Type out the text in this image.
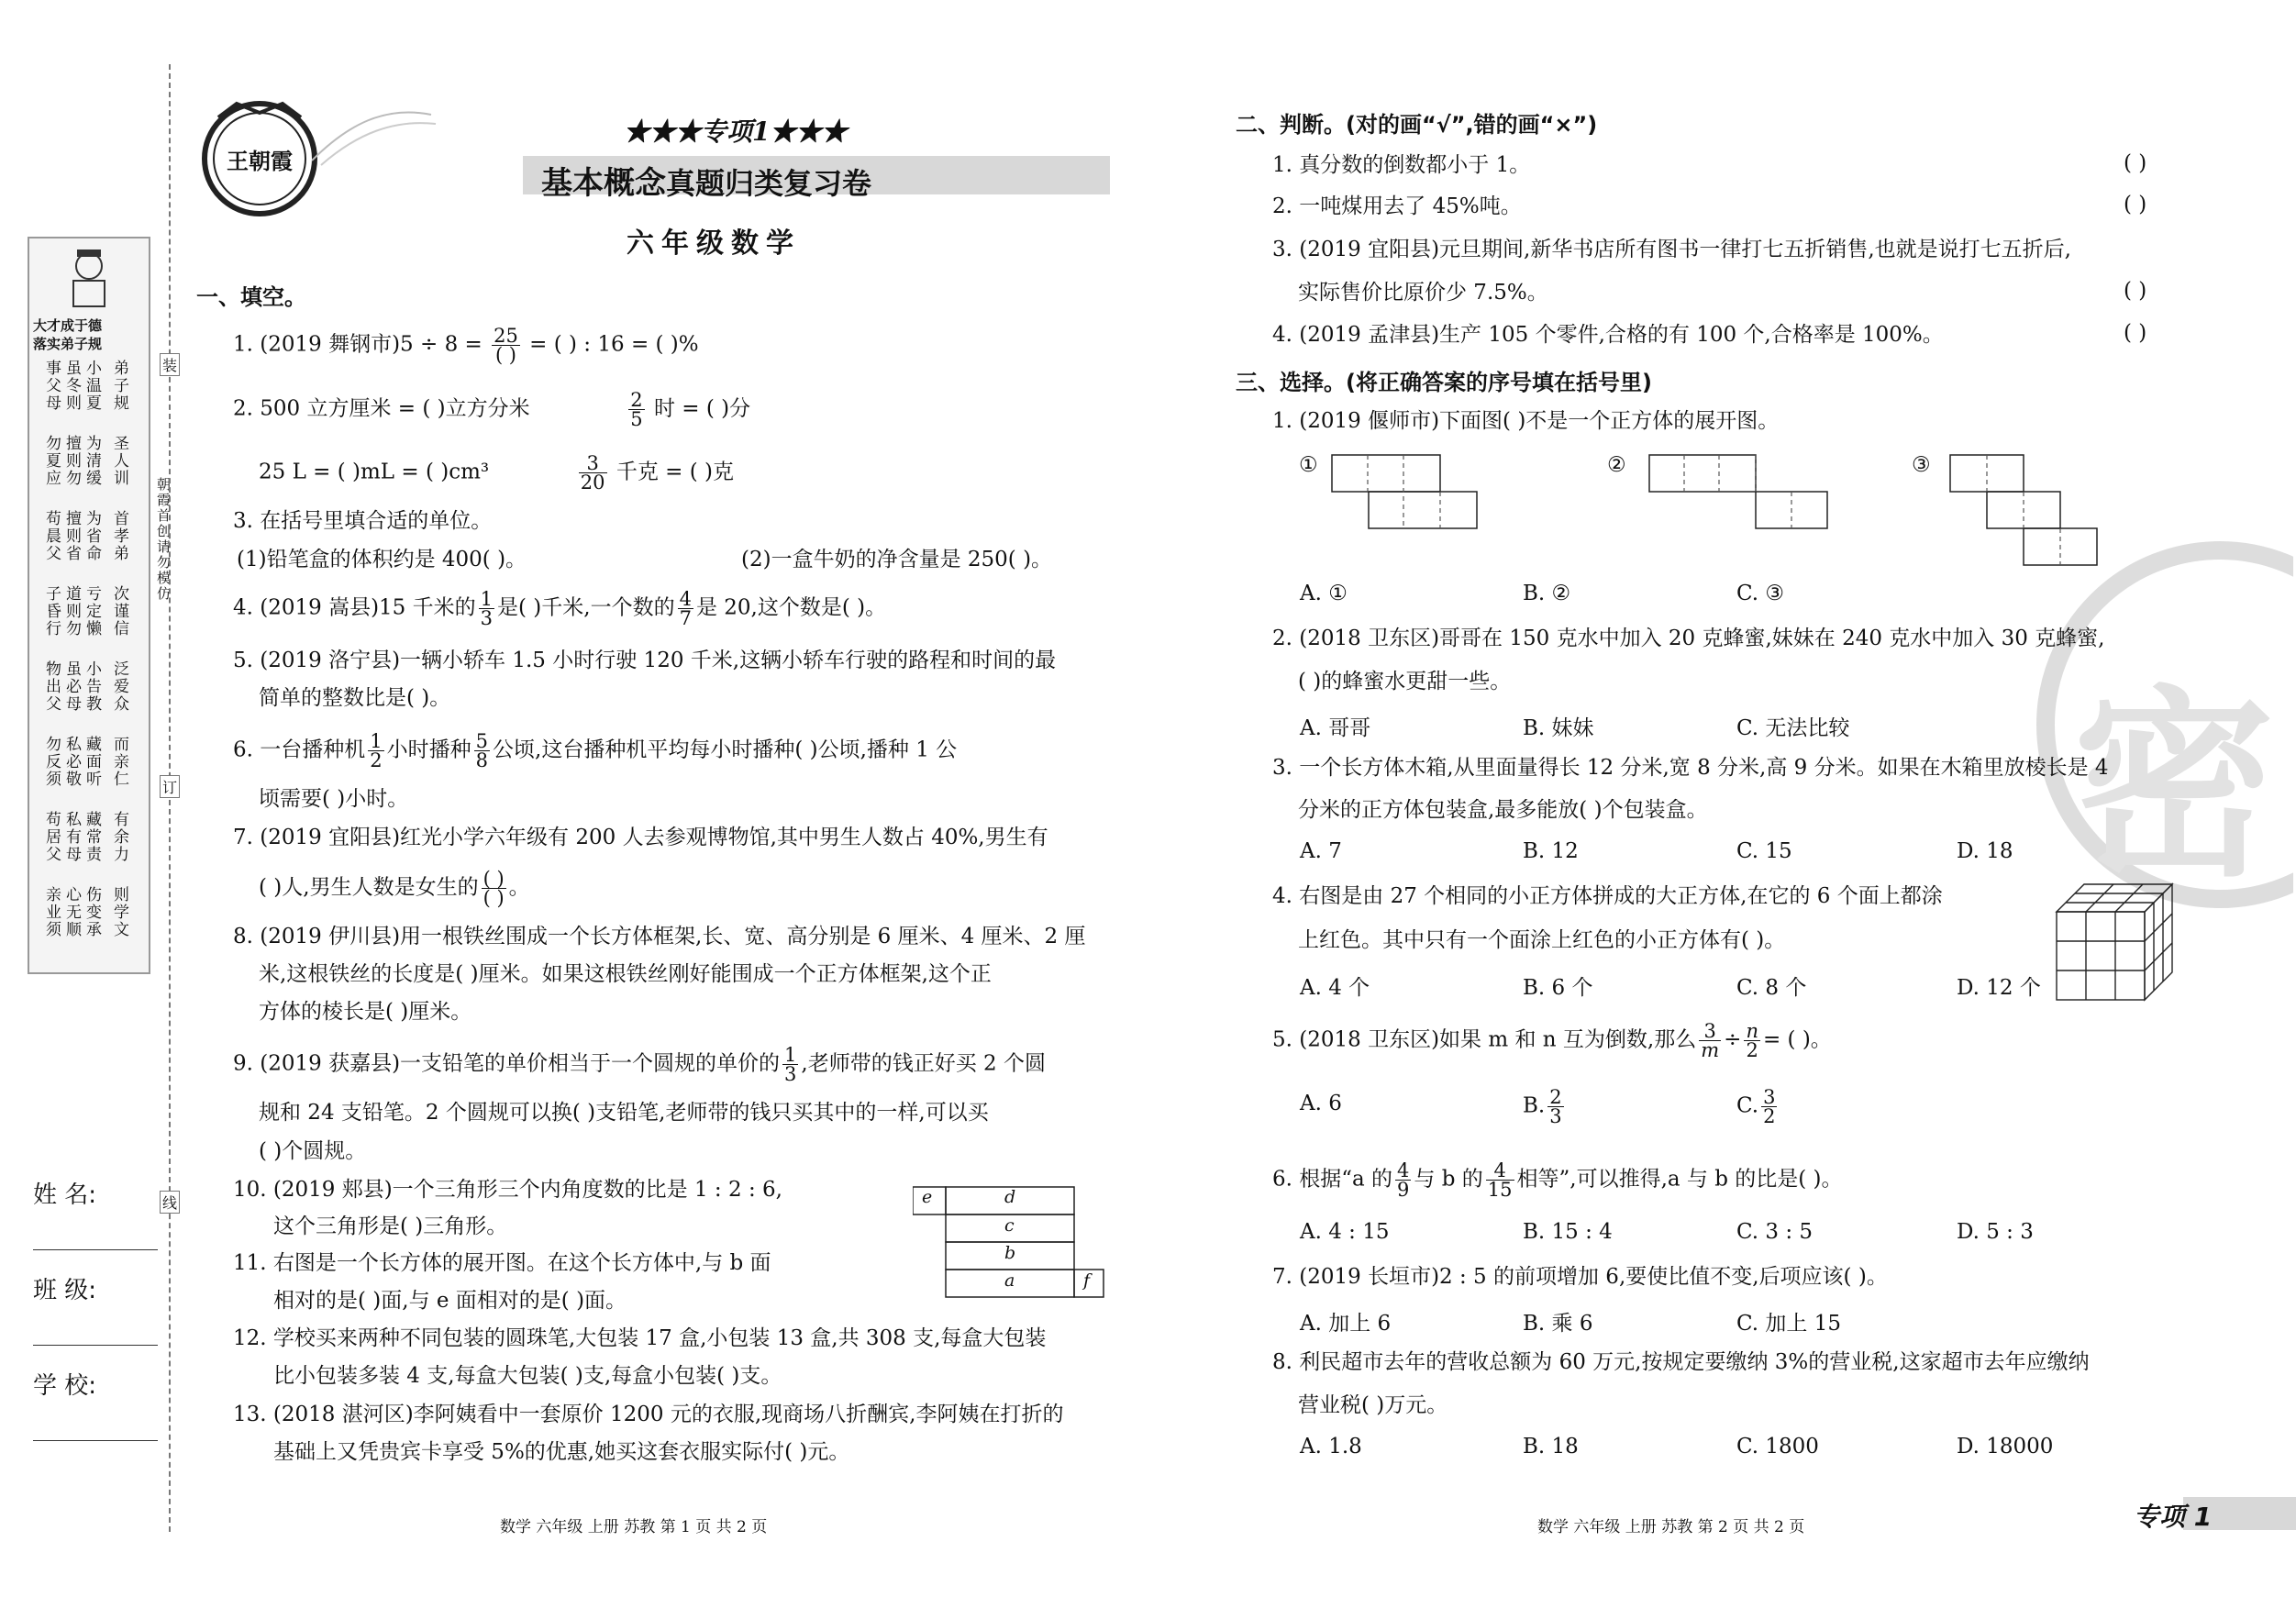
王朝霞
★★★专项1★★★
基本概念真题归类复习卷
六年级数学
大才成于德
落实弟子规
事父母 虽冬则 小温夏 弟子规
勿夏应 擅则勿 为清缓 圣人训
苟晨父 擅则省 为省命 首孝弟
子昏行 道则勿 亏定懒 次谨信
物出父 虽必母 小告教 泛爱众
勿反须 私必敬 藏面听 而亲仁
苟居父 私有母 藏常责 有余力
亲业须 心无顺 伤变承 则学文
朝霞首创请勿模仿
装
订
线
姓 名:
班 级:
学 校:
一、填空。
1. (2019 舞钢市)$5 \div 8 = \frac{25}{( )}$ = ( ) : 16 = ( )%
2. 500 立方厘米 = ( )立方分米	$\frac{2}{5}$ 时 = ( )分
25 L = ( )mL = ( )cm³	$\frac{3}{20}$ 千克 = ( )克
3. 在括号里填合适的单位。
(1)铅笔盒的体积约是 400( )。	(2)一盒牛奶的净含量是 250( )。
4. (2019 嵩县)15 千米的 $\frac{1}{3}$ 是( )千米,一个数的 $\frac{4}{7}$ 是 20,这个数是( )。
5. (2019 洛宁县)一辆小轿车 1.5 小时行驶 120 千米,这辆小轿车行驶的路程和时间的最
简单的整数比是( )。
6. 一台播种机 $\frac{1}{2}$ 小时播种 $\frac{5}{8}$ 公顷,这台播种机平均每小时播种( )公顷,播种 1 公
顷需要( )小时。
7. (2019 宜阳县)红光小学六年级有 200 人去参观博物馆,其中男生人数占 40%,男生有
( )人,男生人数是女生的 $\frac{( )}{( )}$ 。
8. (2019 伊川县)用一根铁丝围成一个长方体框架,长、宽、高分别是 6 厘米、4 厘米、2 厘
米,这根铁丝的长度是( )厘米。如果这根铁丝刚好能围成一个正方体框架,这个正
方体的棱长是( )厘米。
9. (2019 获嘉县)一支铅笔的单价相当于一个圆规的单价的 $\frac{1}{3}$ ,老师带的钱正好买 2 个圆
规和 24 支铅笔。2 个圆规可以换( )支铅笔,老师带的钱只买其中的一样,可以买
( )个圆规。
10. (2019 郏县)一个三角形三个内角度数的比是 1 : 2 : 6,
这个三角形是( )三角形。
11. 右图是一个长方体的展开图。在这个长方体中,与 b 面
相对的是( )面,与 e 面相对的是( )面。
e	d
c
b
a	f
12. 学校买来两种不同包装的圆珠笔,大包装 17 盒,小包装 13 盒,共 308 支,每盒大包装
比小包装多装 4 支,每盒大包装( )支,每盒小包装( )支。
13. (2018 湛河区)李阿姨看中一套原价 1200 元的衣服,现商场八折酬宾,李阿姨在打折的
基础上又凭贵宾卡享受 5%的优惠,她买这套衣服实际付( )元。
数学 六年级 上册 苏教 第 1 页 共 2 页
密
二、判断。(对的画“√”,错的画“×”)
1. 真分数的倒数都小于 1。	( )
2. 一吨煤用去了 45%吨。	( )
3. (2019 宜阳县)元旦期间,新华书店所有图书一律打七五折销售,也就是说打七五折后,
实际售价比原价少 7.5%。	( )
4. (2019 孟津县)生产 105 个零件,合格的有 100 个,合格率是 100%。	( )
三、选择。(将正确答案的序号填在括号里)
1. (2019 偃师市)下面图( )不是一个正方体的展开图。
①	②	③
A. ①	B. ②	C. ③
2. (2018 卫东区)哥哥在 150 克水中加入 20 克蜂蜜,妹妹在 240 克水中加入 30 克蜂蜜,
( )的蜂蜜水更甜一些。
A. 哥哥	B. 妹妹	C. 无法比较
3. 一个长方体木箱,从里面量得长 12 分米,宽 8 分米,高 9 分米。如果在木箱里放棱长是 4
分米的正方体包装盒,最多能放( )个包装盒。
A. 7	B. 12	C. 15	D. 18
4. 右图是由 27 个相同的小正方体拼成的大正方体,在它的 6 个面上都涂
上红色。其中只有一个面涂上红色的小正方体有( )。
A. 4 个	B. 6 个	C. 8 个	D. 12 个
5. (2018 卫东区)如果 m 和 n 互为倒数,那么 $\frac{3}{m} \div \frac{n}{2}$ = ( )。
A. 6	B. $\frac{2}{3}$	C. $\frac{3}{2}$
6. 根据“a 的 $\frac{4}{9}$ 与 b 的 $\frac{4}{15}$ 相等”,可以推得,a 与 b 的比是( )。
A. 4 : 15	B. 15 : 4	C. 3 : 5	D. 5 : 3
7. (2019 长垣市)2 : 5 的前项增加 6,要使比值不变,后项应该( )。
A. 加上 6	B. 乘 6	C. 加上 15
8. 利民超市去年的营收总额为 60 万元,按规定要缴纳 3%的营业税,这家超市去年应缴纳
营业税( )万元。
A. 1.8	B. 18	C. 1800	D. 18000
数学 六年级 上册 苏教 第 2 页 共 2 页	专项 1
